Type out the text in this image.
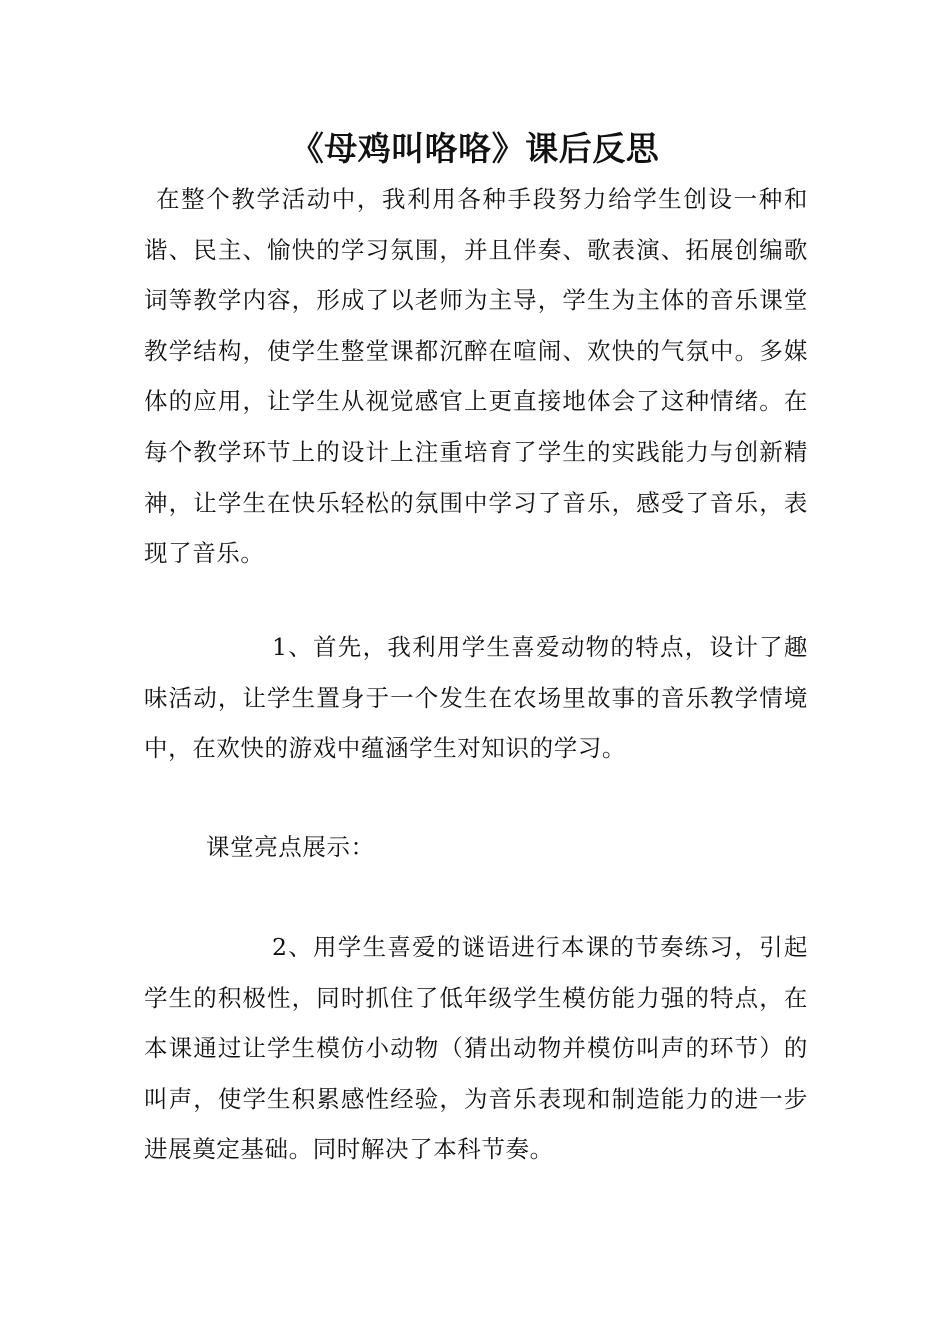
《母鸡叫咯咯》课后反思

在整个教学活动中，我利用各种手段努力给学生创设一种和谐、民主、愉快的学习氛围，并且伴奏、歌表演、拓展创编歌词等教学内容，形成了以老师为主导，学生为主体的音乐课堂教学结构，使学生整堂课都沉醉在喧闹、欢快的气氛中。多媒体的应用，让学生从视觉感官上更直接地体会了这种情绪。在每个教学环节上的设计上注重培育了学生的实践能力与创新精神，让学生在快乐轻松的氛围中学习了音乐，感受了音乐，表现了音乐。

1、首先，我利用学生喜爱动物的特点，设计了趣味活动，让学生置身于一个发生在农场里故事的音乐教学情境中，在欢快的游戏中蕴涵学生对知识的学习。

课堂亮点展示：

2、用学生喜爱的谜语进行本课的节奏练习，引起学生的积极性，同时抓住了低年级学生模仿能力强的特点，在本课通过让学生模仿小动物（猜出动物并模仿叫声的环节）的叫声，使学生积累感性经验，为音乐表现和制造能力的进一步进展奠定基础。同时解决了本科节奏。
